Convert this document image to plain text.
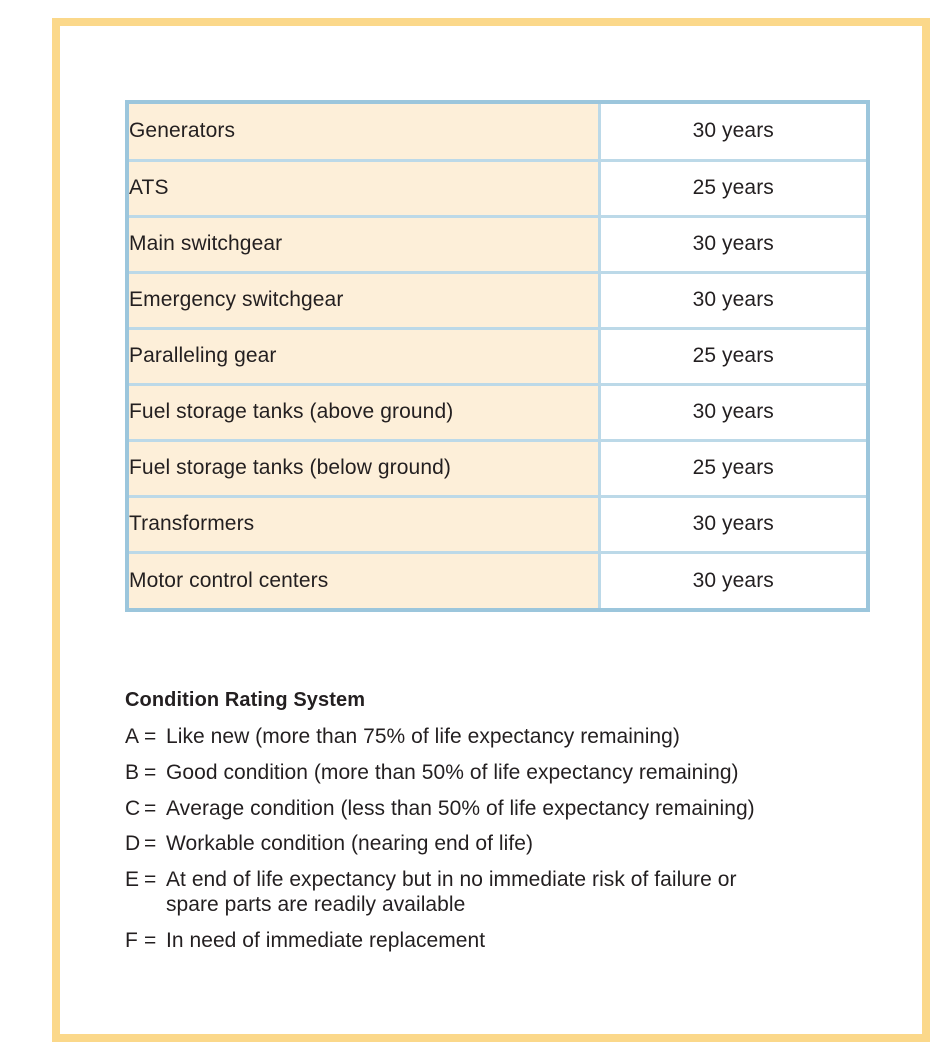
Generators	30 years
ATS	25 years
Main switchgear	30 years
Emergency switchgear	30 years
Paralleling gear	25 years
Fuel storage tanks (above ground)	30 years
Fuel storage tanks (below ground)	25 years
Transformers	30 years
Motor control centers	30 years
Condition Rating System
A = Like new (more than 75% of life expectancy remaining)
B = Good condition (more than 50% of life expectancy remaining)
C = Average condition (less than 50% of life expectancy remaining)
D = Workable condition (nearing end of life)
E = At end of life expectancy but in no immediate risk of failure or
spare parts are readily available
F = In need of immediate replacement
